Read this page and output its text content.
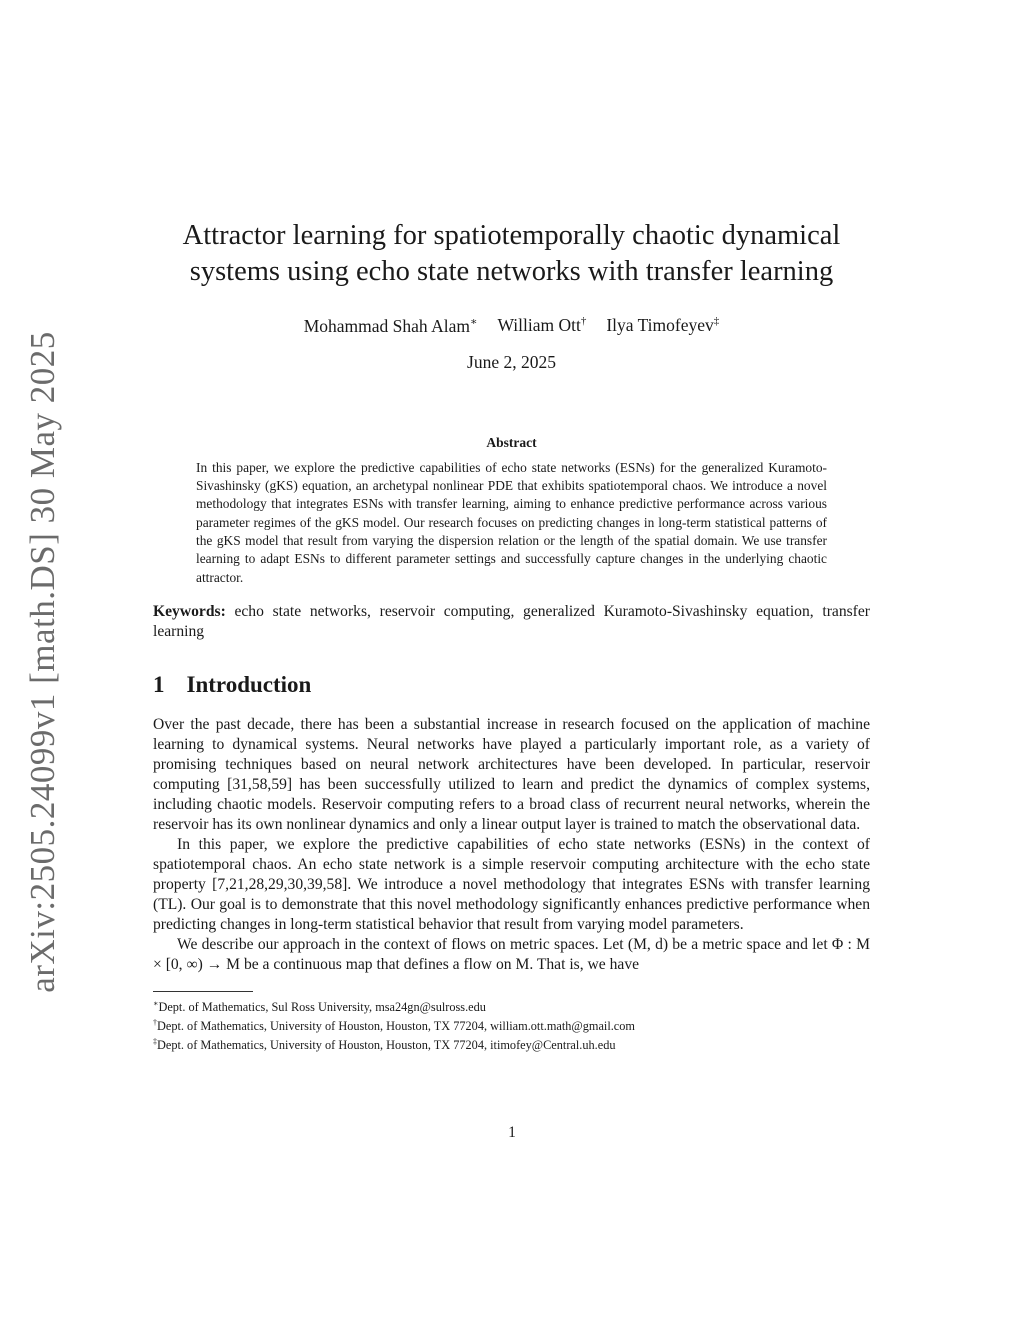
arXiv:2505.24099v1 [math.DS] 30 May 2025
Attractor learning for spatiotemporally chaotic dynamical
systems using echo state networks with transfer learning
Mohammad Shah Alam∗ William Ott† Ilya Timofeyev‡
June 2, 2025
Abstract
In this paper, we explore the predictive capabilities of echo state networks (ESNs) for the generalized Kuramoto-Sivashinsky (gKS) equation, an archetypal nonlinear PDE that exhibits spatiotemporal chaos. We introduce a novel methodology that integrates ESNs with transfer learning, aiming to enhance predictive performance across various parameter regimes of the gKS model. Our research focuses on predicting changes in long-term statistical patterns of the gKS model that result from varying the dispersion relation or the length of the spatial domain. We use transfer learning to adapt ESNs to different parameter settings and successfully capture changes in the underlying chaotic attractor.
Keywords: echo state networks, reservoir computing, generalized Kuramoto-Sivashinsky equation, transfer learning
1 Introduction

Over the past decade, there has been a substantial increase in research focused on the application of machine learning to dynamical systems. Neural networks have played a particularly important role, as a variety of promising techniques based on neural network architectures have been developed. In particular, reservoir computing [31,58,59] has been successfully utilized to learn and predict the dynamics of complex systems, including chaotic models. Reservoir computing refers to a broad class of recurrent neural networks, wherein the reservoir has its own nonlinear dynamics and only a linear output layer is trained to match the observational data.

In this paper, we explore the predictive capabilities of echo state networks (ESNs) in the context of spatiotemporal chaos. An echo state network is a simple reservoir computing architecture with the echo state property [7,21,28,29,30,39,58]. We introduce a novel methodology that integrates ESNs with transfer learning (TL). Our goal is to demonstrate that this novel methodology significantly enhances predictive performance when predicting changes in long-term statistical behavior that result from varying model parameters.

We describe our approach in the context of flows on metric spaces. Let (M, d) be a metric space and let Φ : M × [0, ∞) → M be a continuous map that defines a flow on M. That is, we have

∗Dept. of Mathematics, Sul Ross University, msa24gn@sulross.edu
†Dept. of Mathematics, University of Houston, Houston, TX 77204, william.ott.math@gmail.com
‡Dept. of Mathematics, University of Houston, Houston, TX 77204, itimofey@Central.uh.edu
1
